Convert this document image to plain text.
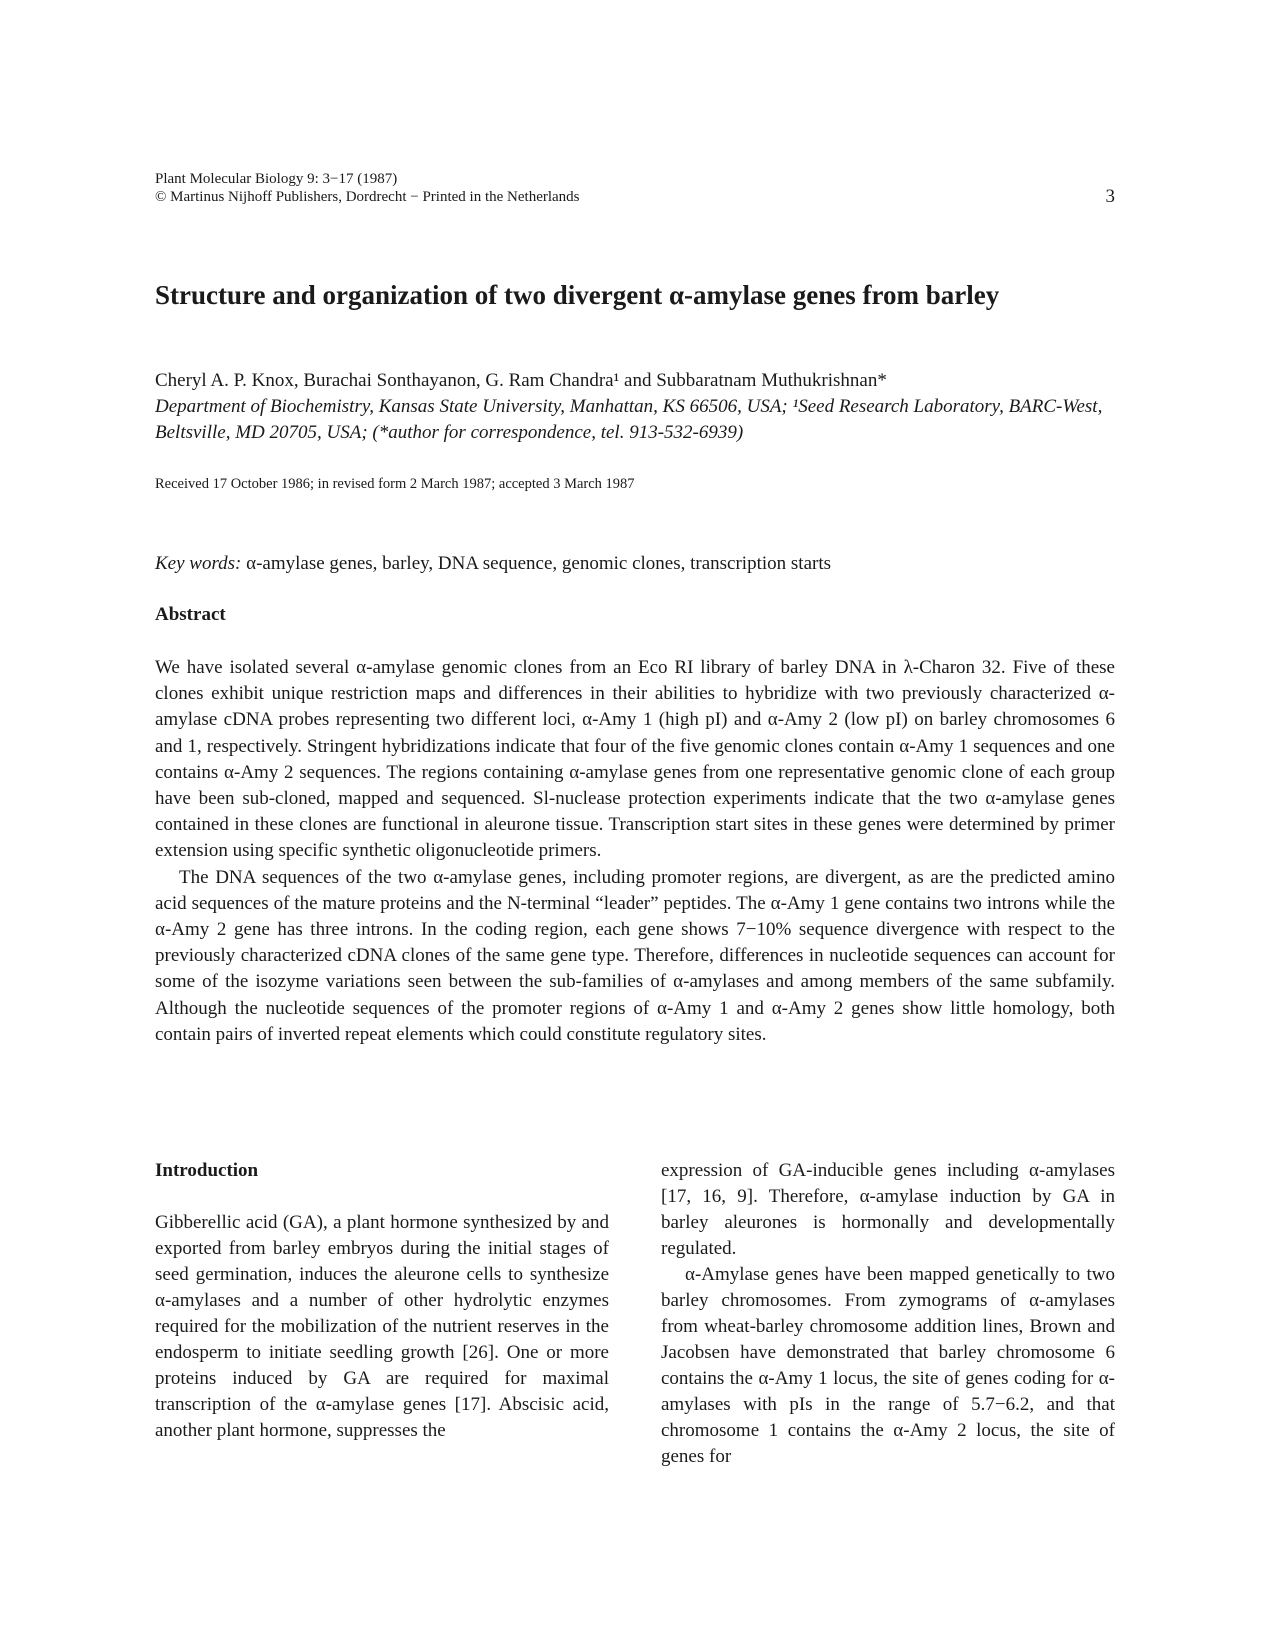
Plant Molecular Biology 9: 3−17 (1987)
© Martinus Nijhoff Publishers, Dordrecht − Printed in the Netherlands	3
Structure and organization of two divergent α-amylase genes from barley
Cheryl A. P. Knox, Burachai Sonthayanon, G. Ram Chandra¹ and Subbaratnam Muthukrishnan*
Department of Biochemistry, Kansas State University, Manhattan, KS 66506, USA; ¹Seed Research Laboratory, BARC-West, Beltsville, MD 20705, USA; (*author for correspondence, tel. 913-532-6939)
Received 17 October 1986; in revised form 2 March 1987; accepted 3 March 1987
Key words: α-amylase genes, barley, DNA sequence, genomic clones, transcription starts
Abstract

We have isolated several α-amylase genomic clones from an Eco RI library of barley DNA in λ-Charon 32. Five of these clones exhibit unique restriction maps and differences in their abilities to hybridize with two previously characterized α-amylase cDNA probes representing two different loci, α-Amy 1 (high pI) and α-Amy 2 (low pI) on barley chromosomes 6 and 1, respectively. Stringent hybridizations indicate that four of the five genomic clones contain α-Amy 1 sequences and one contains α-Amy 2 sequences. The regions containing α-amylase genes from one representative genomic clone of each group have been sub-cloned, mapped and sequenced. Sl-nuclease protection experiments indicate that the two α-amylase genes contained in these clones are functional in aleurone tissue. Transcription start sites in these genes were determined by primer extension using specific synthetic oligonucleotide primers.

The DNA sequences of the two α-amylase genes, including promoter regions, are divergent, as are the predicted amino acid sequences of the mature proteins and the N-terminal “leader” peptides. The α-Amy 1 gene contains two introns while the α-Amy 2 gene has three introns. In the coding region, each gene shows 7−10% sequence divergence with respect to the previously characterized cDNA clones of the same gene type. Therefore, differences in nucleotide sequences can account for some of the isozyme variations seen between the sub-families of α-amylases and among members of the same subfamily. Although the nucleotide sequences of the promoter regions of α-Amy 1 and α-Amy 2 genes show little homology, both contain pairs of inverted repeat elements which could constitute regulatory sites.

Introduction

Gibberellic acid (GA), a plant hormone synthesized by and exported from barley embryos during the initial stages of seed germination, induces the aleurone cells to synthesize α-amylases and a number of other hydrolytic enzymes required for the mobilization of the nutrient reserves in the endosperm to initiate seedling growth [26]. One or more proteins induced by GA are required for maximal transcription of the α-amylase genes [17]. Abscisic acid, another plant hormone, suppresses the

expression of GA-inducible genes including α-amylases [17, 16, 9]. Therefore, α-amylase induction by GA in barley aleurones is hormonally and developmentally regulated.

α-Amylase genes have been mapped genetically to two barley chromosomes. From zymograms of α-amylases from wheat-barley chromosome addition lines, Brown and Jacobsen have demonstrated that barley chromosome 6 contains the α-Amy 1 locus, the site of genes coding for α-amylases with pIs in the range of 5.7−6.2, and that chromosome 1 contains the α-Amy 2 locus, the site of genes for
